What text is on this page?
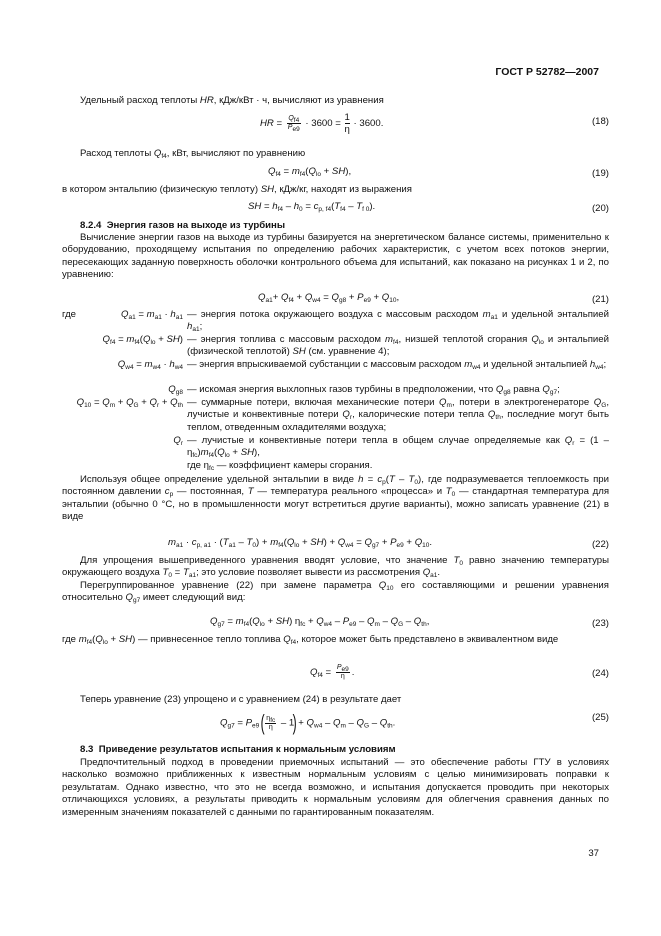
ГОСТ Р 52782—2007
Удельный расход теплоты HR, кДж/кВт · ч, вычисляют из уравнения
HR = $\frac{Q_{f4}}{P_{e9}} \cdot 3600 = \frac{1}{\eta} \cdot 3600$.	(18)
Расход теплоты $Q_{f4}$, кВт, вычисляют по уравнению
$Q_{f4} = m_{f4}(Q_{lo} + SH)$,	(19)
в котором энтальпию (физическую теплоту) SH, кДж/кг, находят из выражения
SH = $h_{f4} - h_0 = c_{p, f4}(T_{f4} - T_{f 0})$.	(20)
8.2.4 Энергия газов на выходе из турбины
Вычисление энергии газов на выходе из турбины базируется на энергетическом балансе системы, применительно к оборудованию, проходящему испытания по определению рабочих характеристик, с учетом всех потоков энергии, пересекающих заданную поверхность оболочки контрольного объема для испытаний, как показано на рисунках 1 и 2, по уравнению:
$Q_{a1}+ Q_{f4} + Q_{w4} = Q_{g8} + P_{e9} + Q_{10}$,	(21)
где	$Q_{a1} = m_{a1} \cdot h_{a1}$ — энергия потока окружающего воздуха с массовым расходом $m_{a1}$ и удельной энтальпией $h_{a1}$;
$Q_{f4} = m_{f4}(Q_{lo} + SH)$ — энергия топлива с массовым расходом $m_{f4}$, низшей теплотой сгорания $Q_{lo}$ и энтальпией (физической теплотой) SH (см. уравнение 4);
$Q_{w4} = m_{w4} \cdot h_{w4}$ — энергия впрыскиваемой субстанции с массовым расходом $m_{w4}$ и удельной энтальпией $h_{w4}$;
$Q_{g8}$ — искомая энергия выхлопных газов турбины в предположении, что $Q_{g8}$ равна $Q_{g7}$;
$Q_{10} = Q_m + Q_G + Q_r + Q_{th}$ — суммарные потери, включая механические потери $Q_m$, потери в электрогенераторе $Q_G$, лучистые и конвективные потери $Q_r$, калорические потери тепла $Q_{th}$, последние могут быть теплом, отведенным охладителями воздуха;
$Q_r$ — лучистые и конвективные потери тепла в общем случае определяемые как $Q_r = (1 - \eta_{fc})m_{f4}(Q_{lo} + SH)$,
где $\eta_{fc}$ — коэффициент камеры сгорания.
Используя общее определение удельной энтальпии в виде $h = c_p(T - T_0)$, где подразумевается теплоемкость при постоянном давлении $c_p$ — постоянная, T — температура реального «процесса» и $T_0$ — стандартная температура для энтальпии (обычно 0 °С, но в промышленности могут встретиться другие варианты), можно записать уравнение (21) в виде
$m_{a1} \cdot c_{p, a1} \cdot (T_{a1} - T_0) + m_{f4}(Q_{lo} + SH) + Q_{w4} = Q_{g7} + P_{e9} + Q_{10}$.	(22)
Для упрощения вышеприведенного уравнения вводят условие, что значение $T_0$ равно значению температуры окружающего воздуха $T_0 = T_{a1}$; это условие позволяет вывести из рассмотрения $Q_{a1}$.
Перегруппированное уравнение (22) при замене параметра $Q_{10}$ его составляющими и решении уравнения относительно $Q_{g7}$ имеет следующий вид:
$Q_{g7} = m_{f4}(Q_{lo} + SH) \eta_{fc} + Q_{w4} - P_{e9} - Q_m - Q_G - Q_{th}$,	(23)
где $m_{f4}(Q_{lo} + SH)$ — привнесенное тепло топлива $Q_{f4}$, которое может быть представлено в эквивалентном виде
$Q_{f4} = \frac{P_{e9}}{\eta}$ .	(24)
Теперь уравнение (23) упрощено и с уравнением (24) в результате дает
$Q_{g7} = P_{e9}$ ( $\eta_{fc}$
$\eta - 1) + Q_{w4} - Q_m - Q_G - Q_{th}$.
(25)
8.3 Приведение результатов испытания к нормальным условиям
Предпочтительный подход в проведении приемочных испытаний — это обеспечение работы ГТУ в условиях насколько возможно приближенных к известным нормальным условиям с целью минимизировать поправки к результатам. Однако известно, что это не всегда возможно, и испытания допускается проводить при некоторых отличающихся условиях, а результаты приводить к нормальным условиям для облегчения сравнения данных по измеренным значениям показателей с данными по гарантированным показателям.
37
